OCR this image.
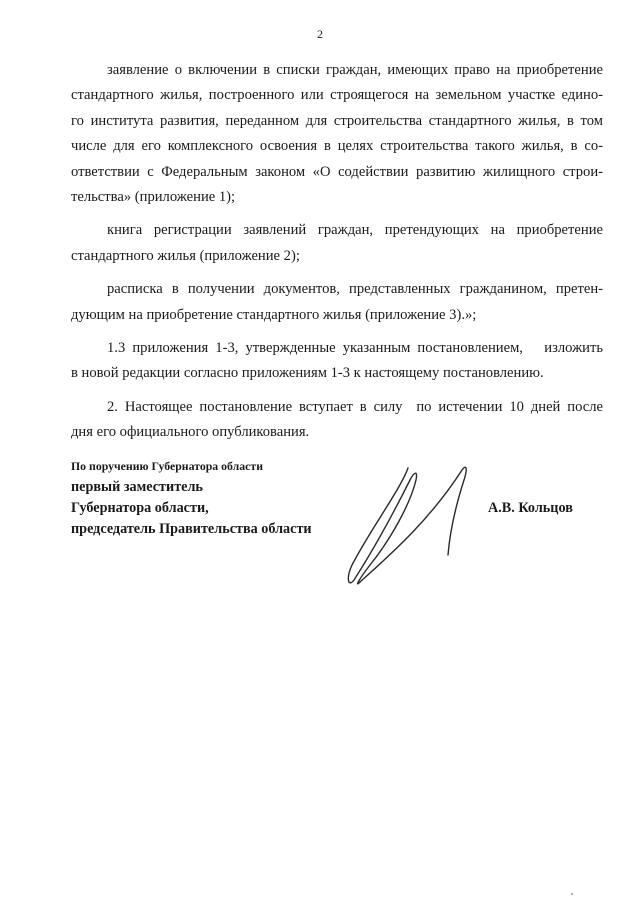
2
заявление о включении в списки граждан, имеющих право на приобретение
стандартного жилья, построенного или строящегося на земельном участке едино-
го института развития, переданном для строительства стандартного жилья, в том
числе для его комплексного освоения в целях строительства такого жилья, в со-
ответствии с Федеральным законом «О содействии развитию жилищного строи-
тельства» (приложение 1);
книга регистрации заявлений граждан, претендующих на приобретение
стандартного жилья (приложение 2);
расписка в получении документов, представленных гражданином, претен-
дующим на приобретение стандартного жилья (приложение 3).»;
1.3 приложения 1-3, утвержденные указанным постановлением,   изложить
в новой редакции согласно приложениям 1-3 к настоящему постановлению.
2. Настоящее постановление вступает в силу  по истечении 10 дней после
дня его официального опубликования.
По поручению Губернатора области
первый заместитель
Губернатора области,
председатель Правительства области
А.В. Кольцов
